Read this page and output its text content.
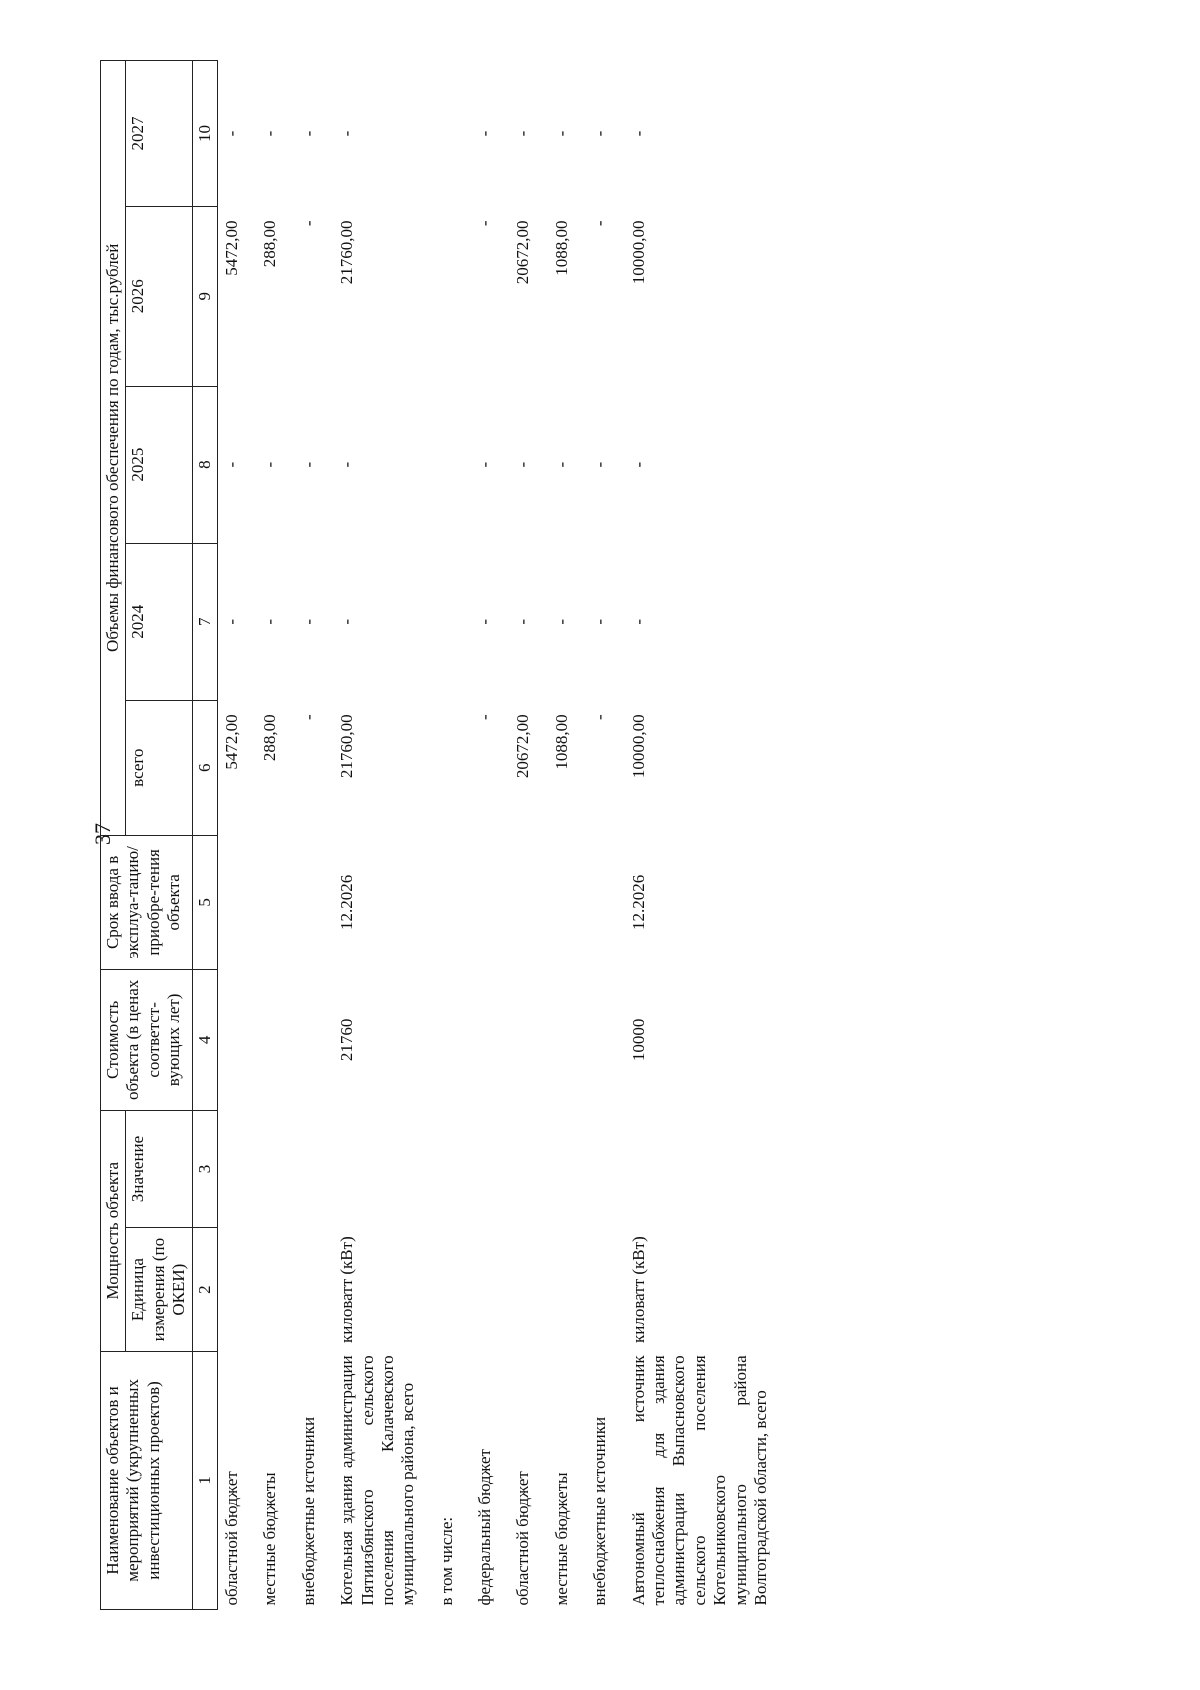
37
Наименование объектов и мероприятий (укрупненных инвестиционных проектов)	Мощность объекта		Стоимость объекта (в ценах соответст-вующих лет)	Срок ввода в эксплуа-тацию/ приобре-тения объекта	Объемы финансового обеспечения по годам, тыс.рублей				
	Единица измерения (по ОКЕИ)	Значение			всего	2024	2025	2026	2027
1	2	3	4	5	6	7	8	9	10
областной бюджет					5472,00	-	-	5472,00	-
местные бюджеты					288,00	-	-	288,00	-
внебюджетные источники					-	-	-	-	-
Котельная здания администрации Пятиизбянского сельского поселения Калачевского муниципального района, всего	киловатт (кВт)		21760	12.2026	21760,00	-	-	21760,00	-
в том числе:									
федеральный бюджет					-	-	-	-	-
областной бюджет					20672,00	-	-	20672,00	-
местные бюджеты					1088,00	-	-	1088,00	-
внебюджетные источники					-	-	-	-	-
Автономный источник теплоснабжения для здания администрации Выпасновского сельского поселения Котельниковского муниципального района Волгоградской области, всего	киловатт (кВт)		10000	12.2026	10000,00	-	-	10000,00	-
